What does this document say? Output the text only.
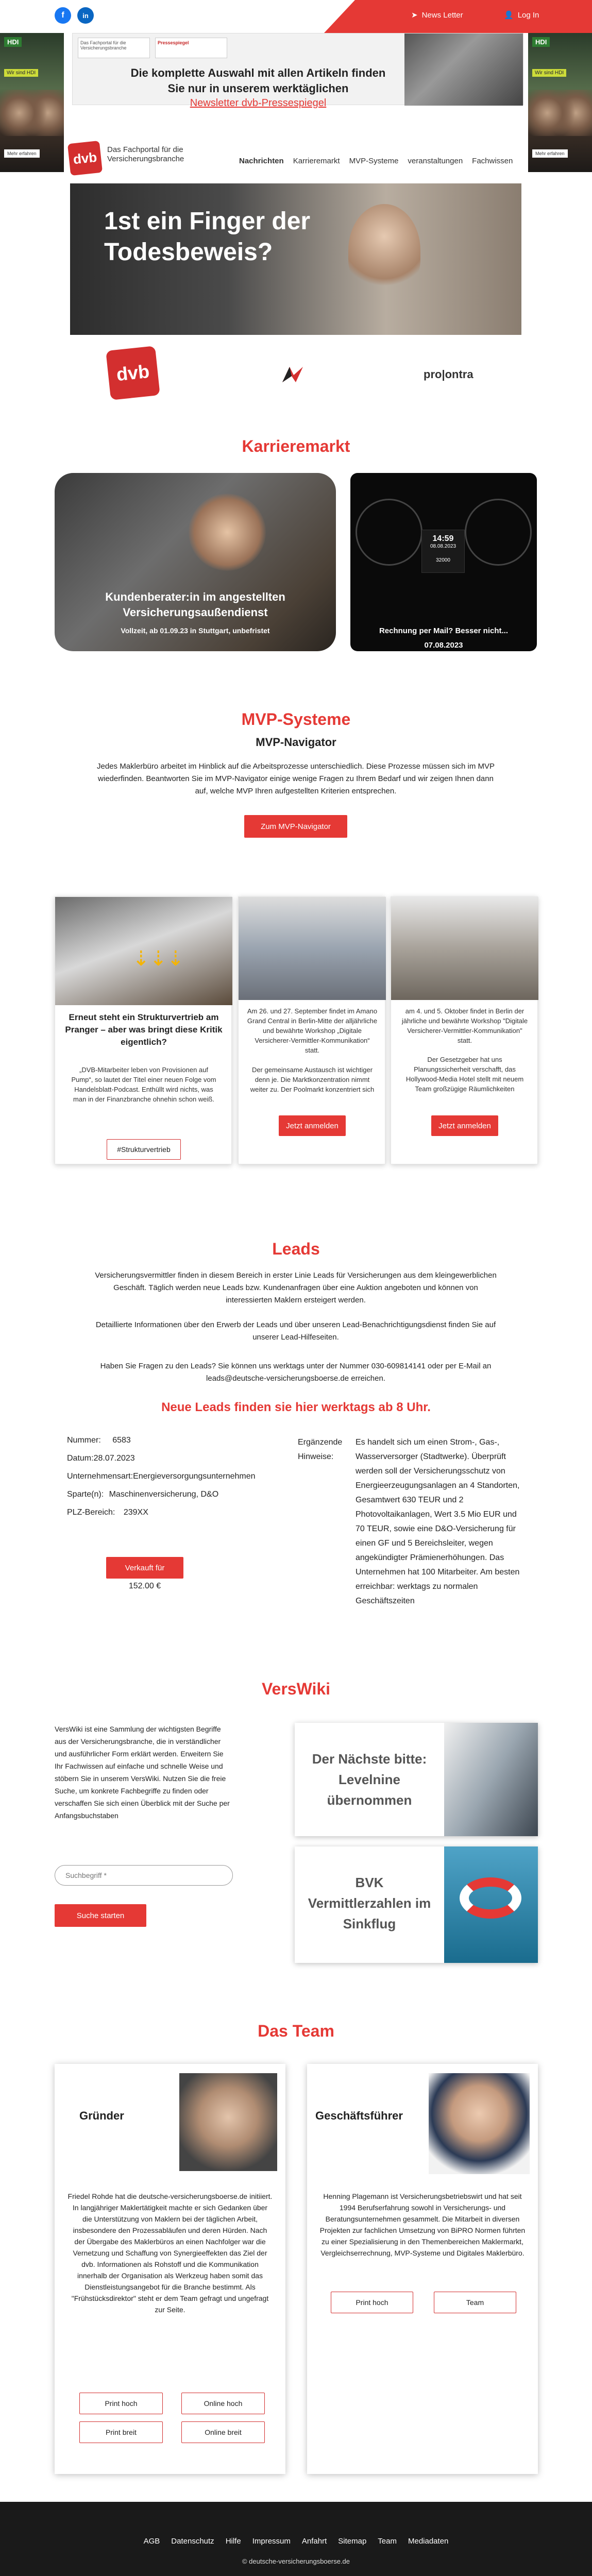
f	in	➤ News Letter	👤 Log In
HDI
Wir sind HDI
Mehr erfahren
HDI
Wir sind HDI
Mehr erfahren
Das Fachportal für die Versicherungsbranche
Pressespiegel
Die komplette Auswahl mit allen Artikeln finden Sie nur in unserem werktäglichen
Newsletter dvb-Pressespiegel
dvb	Das Fachportal für die Versicherungsbranche	Nachrichten Karrieremarkt MVP-Systeme veranstaltungen Fachwissen
1st ein Finger der Todesbeweis?
dvb	pro|ontra
Karrieremarkt
Kundenberater:in im angestellten Versicherungsaußendienst
Vollzeit, ab 01.09.23 in Stuttgart, unbefristet
14:59
08.08.2023
32000
Rechnung per Mail? Besser nicht...
07.08.2023
MVP-Systeme
MVP-Navigator
Jedes Maklerbüro arbeitet im Hinblick auf die Arbeitsprozesse unterschiedlich. Diese Prozesse müssen sich im MVP wiederfinden. Beantworten Sie im MVP-Navigator einige wenige Fragen zu Ihrem Bedarf und wir zeigen Ihnen dann auf, welche MVP Ihren aufgestellten Kriterien entsprechen.
Zum MVP-Navigator
⇣⇣⇣
Erneut steht ein Strukturvertrieb am Pranger – aber was bringt diese Kritik eigentlich?
„DVB-Mitarbeiter leben von Provisionen auf Pump“, so lautet der Titel einer neuen Folge vom Handelsblatt-Podcast. Enthüllt wird nichts, was man in der Finanzbranche ohnehin schon weiß.
#Strukturvertrieb
Am 26. und 27. September findet im Amano Grand Central in Berlin-Mitte der alljährliche und bewährte Workshop „Digitale Versicherer-Vermittler-Kommunikation“ statt.
Der gemeinsame Austausch ist wichtiger denn je. Die Marktkonzentration nimmt weiter zu. Der Poolmarkt konzentriert sich
Jetzt anmelden
am 4. und 5. Oktober findet in Berlin der jährliche und bewährte Workshop "Digitale Versicherer-Vermittler-Kommunikation" statt.
Der Gesetzgeber hat uns Planungssicherheit verschafft, das Hollywood-Media Hotel stellt mit neuem Team großzügige Räumlichkeiten
Jetzt anmelden
Leads
Versicherungsvermittler finden in diesem Bereich in erster Linie Leads für Versicherungen aus dem kleingewerblichen Geschäft. Täglich werden neue Leads bzw. Kundenanfragen über eine Auktion angeboten und können von interessierten Maklern ersteigert werden.
Detaillierte Informationen über den Erwerb der Leads und über unseren Lead-Benachrichtigungsdienst finden Sie auf unserer Lead-Hilfeseiten.
Haben Sie Fragen zu den Leads? Sie können uns werktags unter der Nummer 030-609814141 oder per E-Mail an leads@deutsche-versicherungsboerse.de erreichen.
Neue Leads finden sie hier werktags ab 8 Uhr.
Nummer: 6583
Datum:28.07.2023
Unternehmensart:Energieversorgungsunternehmen
Sparte(n): Maschinenversicherung, D&O
PLZ-Bereich: 239XX
Verkauft für
152.00 €
Ergänzende Hinweise:
Es handelt sich um einen Strom-, Gas-, Wasserversorger (Stadtwerke). Überprüft werden soll der Versicherungsschutz von Energieerzeugungsanlagen an 4 Standorten, Gesamtwert 630 TEUR und 2 Photovoltaikanlagen, Wert 3.5 Mio EUR und 70 TEUR, sowie eine D&O-Versicherung für einen GF und 5 Bereichsleiter, wegen angekündigter Prämienerhöhungen. Das Unternehmen hat 100 Mitarbeiter. Am besten erreichbar: werktags zu normalen Geschäftszeiten
VersWiki
VersWiki ist eine Sammlung der wichtigsten Begriffe aus der Versicherungsbranche, die in verständlicher und ausführlicher Form erklärt werden. Erweitern Sie Ihr Fachwissen auf einfache und schnelle Weise und stöbern Sie in unserem VersWiki. Nutzen Sie die freie Suche, um konkrete Fachbegriffe zu finden oder verschaffen Sie sich einen Überblick mit der Suche per Anfangsbuchstaben
Suchbegriff *
Suche starten
Der Nächste bitte: Levelnine übernommen
BVK Vermittlerzahlen im Sinkflug
Das Team
Gründer
Friedel Rohde hat die deutsche-versicherungsboerse.de initiiert. In langjähriger Maklertätigkeit machte er sich Gedanken über die Unterstützung von Maklern bei der täglichen Arbeit, insbesondere den Prozessabläufen und deren Hürden. Nach der Übergabe des Maklerbüros an einen Nachfolger war die Vernetzung und Schaffung von Synergieeffekten das Ziel der dvb. Informationen als Rohstoff und die Kommunikation innerhalb der Organisation als Werkzeug haben somit das Dienstleistungsangebot für die Branche bestimmt. Als "Frühstücksdirektor" steht er dem Team gefragt und ungefragt zur Seite.
Print hoch	Online hoch
Print breit	Online breit
Geschäftsführer
Henning Plagemann ist Versicherungsbetriebswirt und hat seit 1994 Berufserfahrung sowohl in Versicherungs- und Beratungsunternehmen gesammelt. Die Mitarbeit in diversen Projekten zur fachlichen Umsetzung von BiPRO Normen führten zu einer Spezialisierung in den Themenbereichen Maklermarkt, Vergleichserrechnung, MVP-Systeme und Digitales Maklerbüro.
Print hoch	Team
AGB Datenschutz Hilfe Impressum Anfahrt Sitemap Team Mediadaten
© deutsche-versicherungsboerse.de
